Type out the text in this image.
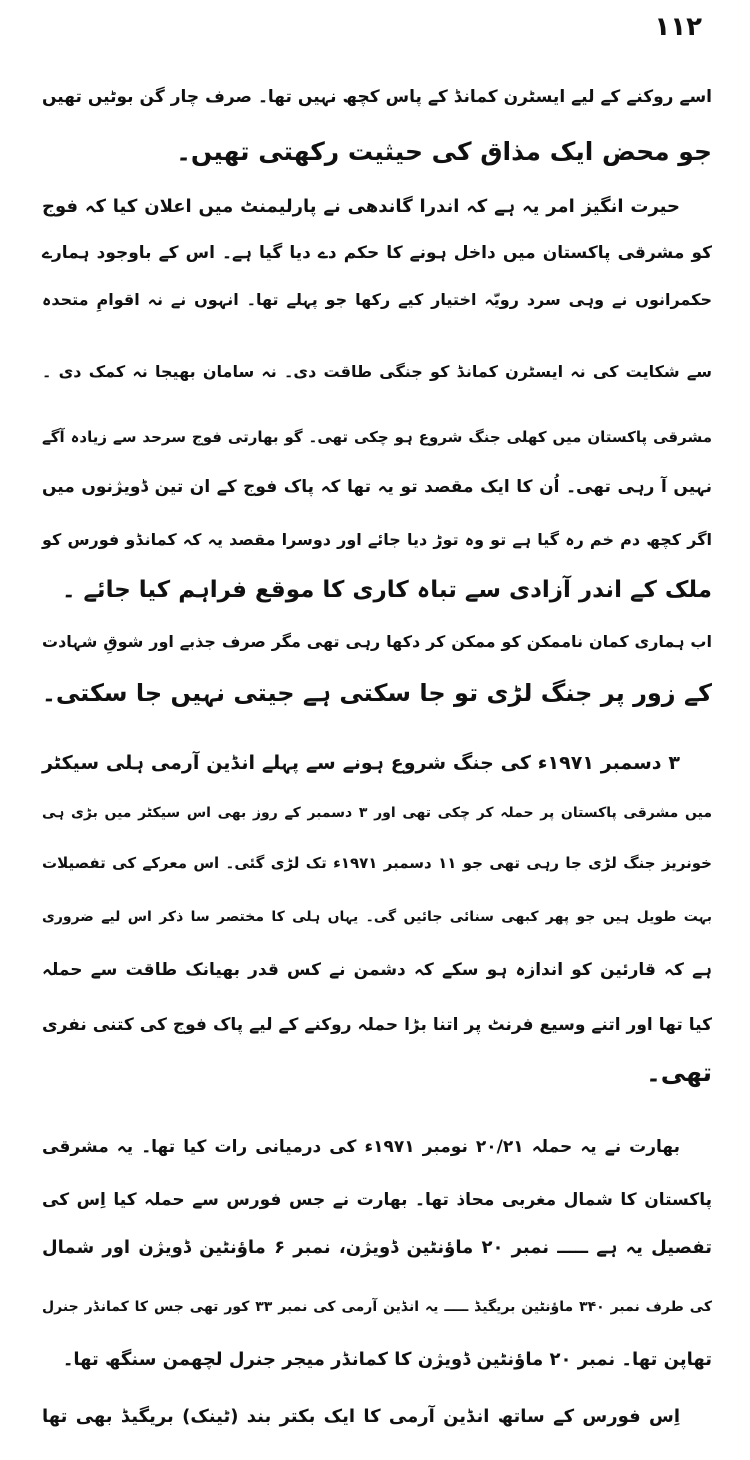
۱۱۲
اسے روکنے کے لیے ایسٹرن کمانڈ کے پاس کچھ نہیں تھا۔ صرف چار گن بوٹیں تھیں
جو محض ایک مذاق کی حیثیت رکھتی تھیں۔
حیرت انگیز امر یہ ہے کہ اندرا گاندھی نے پارلیمنٹ میں اعلان کیا کہ فوج
کو مشرقی پاکستان میں داخل ہونے کا حکم دے دیا گیا ہے۔ اس کے باوجود ہمارے
حکمرانوں نے وہی سرد رویّہ اختیار کیے رکھا جو پہلے تھا۔ انہوں نے نہ اقوامِ متحدہ
سے شکایت کی نہ ایسٹرن کمانڈ کو جنگی طاقت دی۔ نہ سامان بھیجا نہ کمک دی ۔
مشرقی پاکستان میں کھلی جنگ شروع ہو چکی تھی۔ گو بھارتی فوج سرحد سے زیادہ آگے
نہیں آ رہی تھی۔ اُن کا ایک مقصد تو یہ تھا کہ پاک فوج کے ان تین ڈویژنوں میں
اگر کچھ دم خم رہ گیا ہے تو وہ توڑ دیا جائے اور دوسرا مقصد یہ کہ کمانڈو فورس کو
ملک کے اندر آزادی سے تباہ کاری کا موقع فراہم کیا جائے ۔
اب ہماری کمان ناممکن کو ممکن کر دکھا رہی تھی مگر صرف جذبے اور شوقِ شہادت
کے زور پر جنگ لڑی تو جا سکتی ہے جیتی نہیں جا سکتی۔
۳ دسمبر ۱۹۷۱ء کی جنگ شروع ہونے سے پہلے انڈین آرمی ہلی سیکٹر
میں مشرقی پاکستان پر حملہ کر چکی تھی اور ۳ دسمبر کے روز بھی اس سیکٹر میں بڑی ہی
خونریز جنگ لڑی جا رہی تھی جو ۱۱ دسمبر ۱۹۷۱ء تک لڑی گئی۔ اس معرکے کی تفصیلات
بہت طویل ہیں جو پھر کبھی سنائی جائیں گی۔ یہاں ہلی کا مختصر سا ذکر اس لیے ضروری
ہے کہ قارئین کو اندازہ ہو سکے کہ دشمن نے کس قدر بھیانک طاقت سے حملہ
کیا تھا اور اتنے وسیع فرنٹ پر اتنا بڑا حملہ روکنے کے لیے پاک فوج کی کتنی نفری
تھی۔
بھارت نے یہ حملہ ۲۰/۲۱ نومبر ۱۹۷۱ء کی درمیانی رات کیا تھا۔ یہ مشرقی
پاکستان کا شمال مغربی محاذ تھا۔ بھارت نے جس فورس سے حملہ کیا اِس کی
تفصیل یہ ہے ـــــ نمبر ۲۰ ماؤنٹین ڈویژن، نمبر ۶ ماؤنٹین ڈویژن اور شمال
کی طرف نمبر ۳۴۰ ماؤنٹین بریگیڈ ـــــ یہ انڈین آرمی کی نمبر ۳۳ کور تھی جس کا کمانڈر جنرل
تھاپن تھا۔ نمبر ۲۰ ماؤنٹین ڈویژن کا کمانڈر میجر جنرل لچھمن سنگھ تھا۔
اِس فورس کے ساتھ انڈین آرمی کا ایک بکتر بند (ٹینک) بریگیڈ بھی تھا
